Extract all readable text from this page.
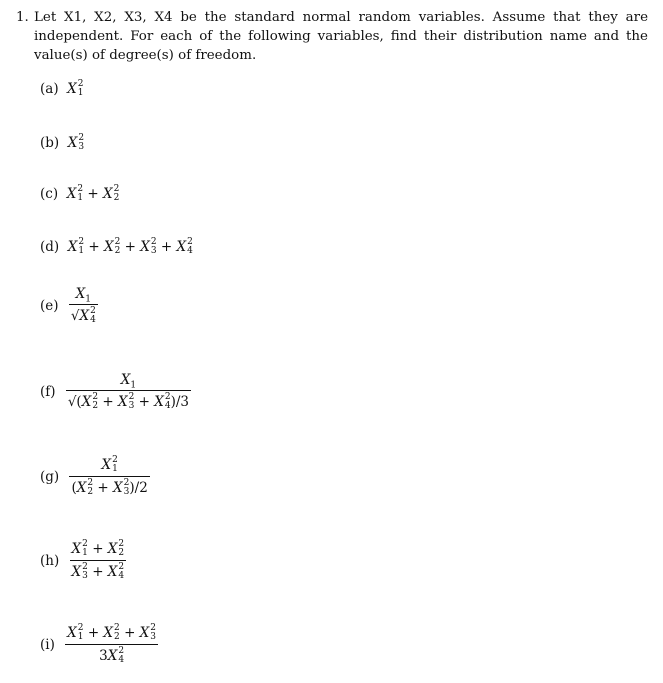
1. Let X1, X2, X3, X4 be the standard normal random variables. Assume that they are independent. For each of the following variables, find their distribution name and the value(s) of degree(s) of freedom.
(a)  X 2
1
(b)  X 2
3
(c)  X 2
1 + X 2
2
(d)  X 2
1 + X 2
2 + X 2
3 + X 2
4
(e) $X_1$
√X 2
4
(f) $X_1$
√(X 2
2 + X 2
3 + X 2
4 )/3
(g) X 2
1
(X 2
2 + X 2
3 )/2
(h) X 2
1 + X 2
2
X 2
3 + X 2
4
(i) X 2
1 + X 2
2 + X 2
3
3X 2
4
